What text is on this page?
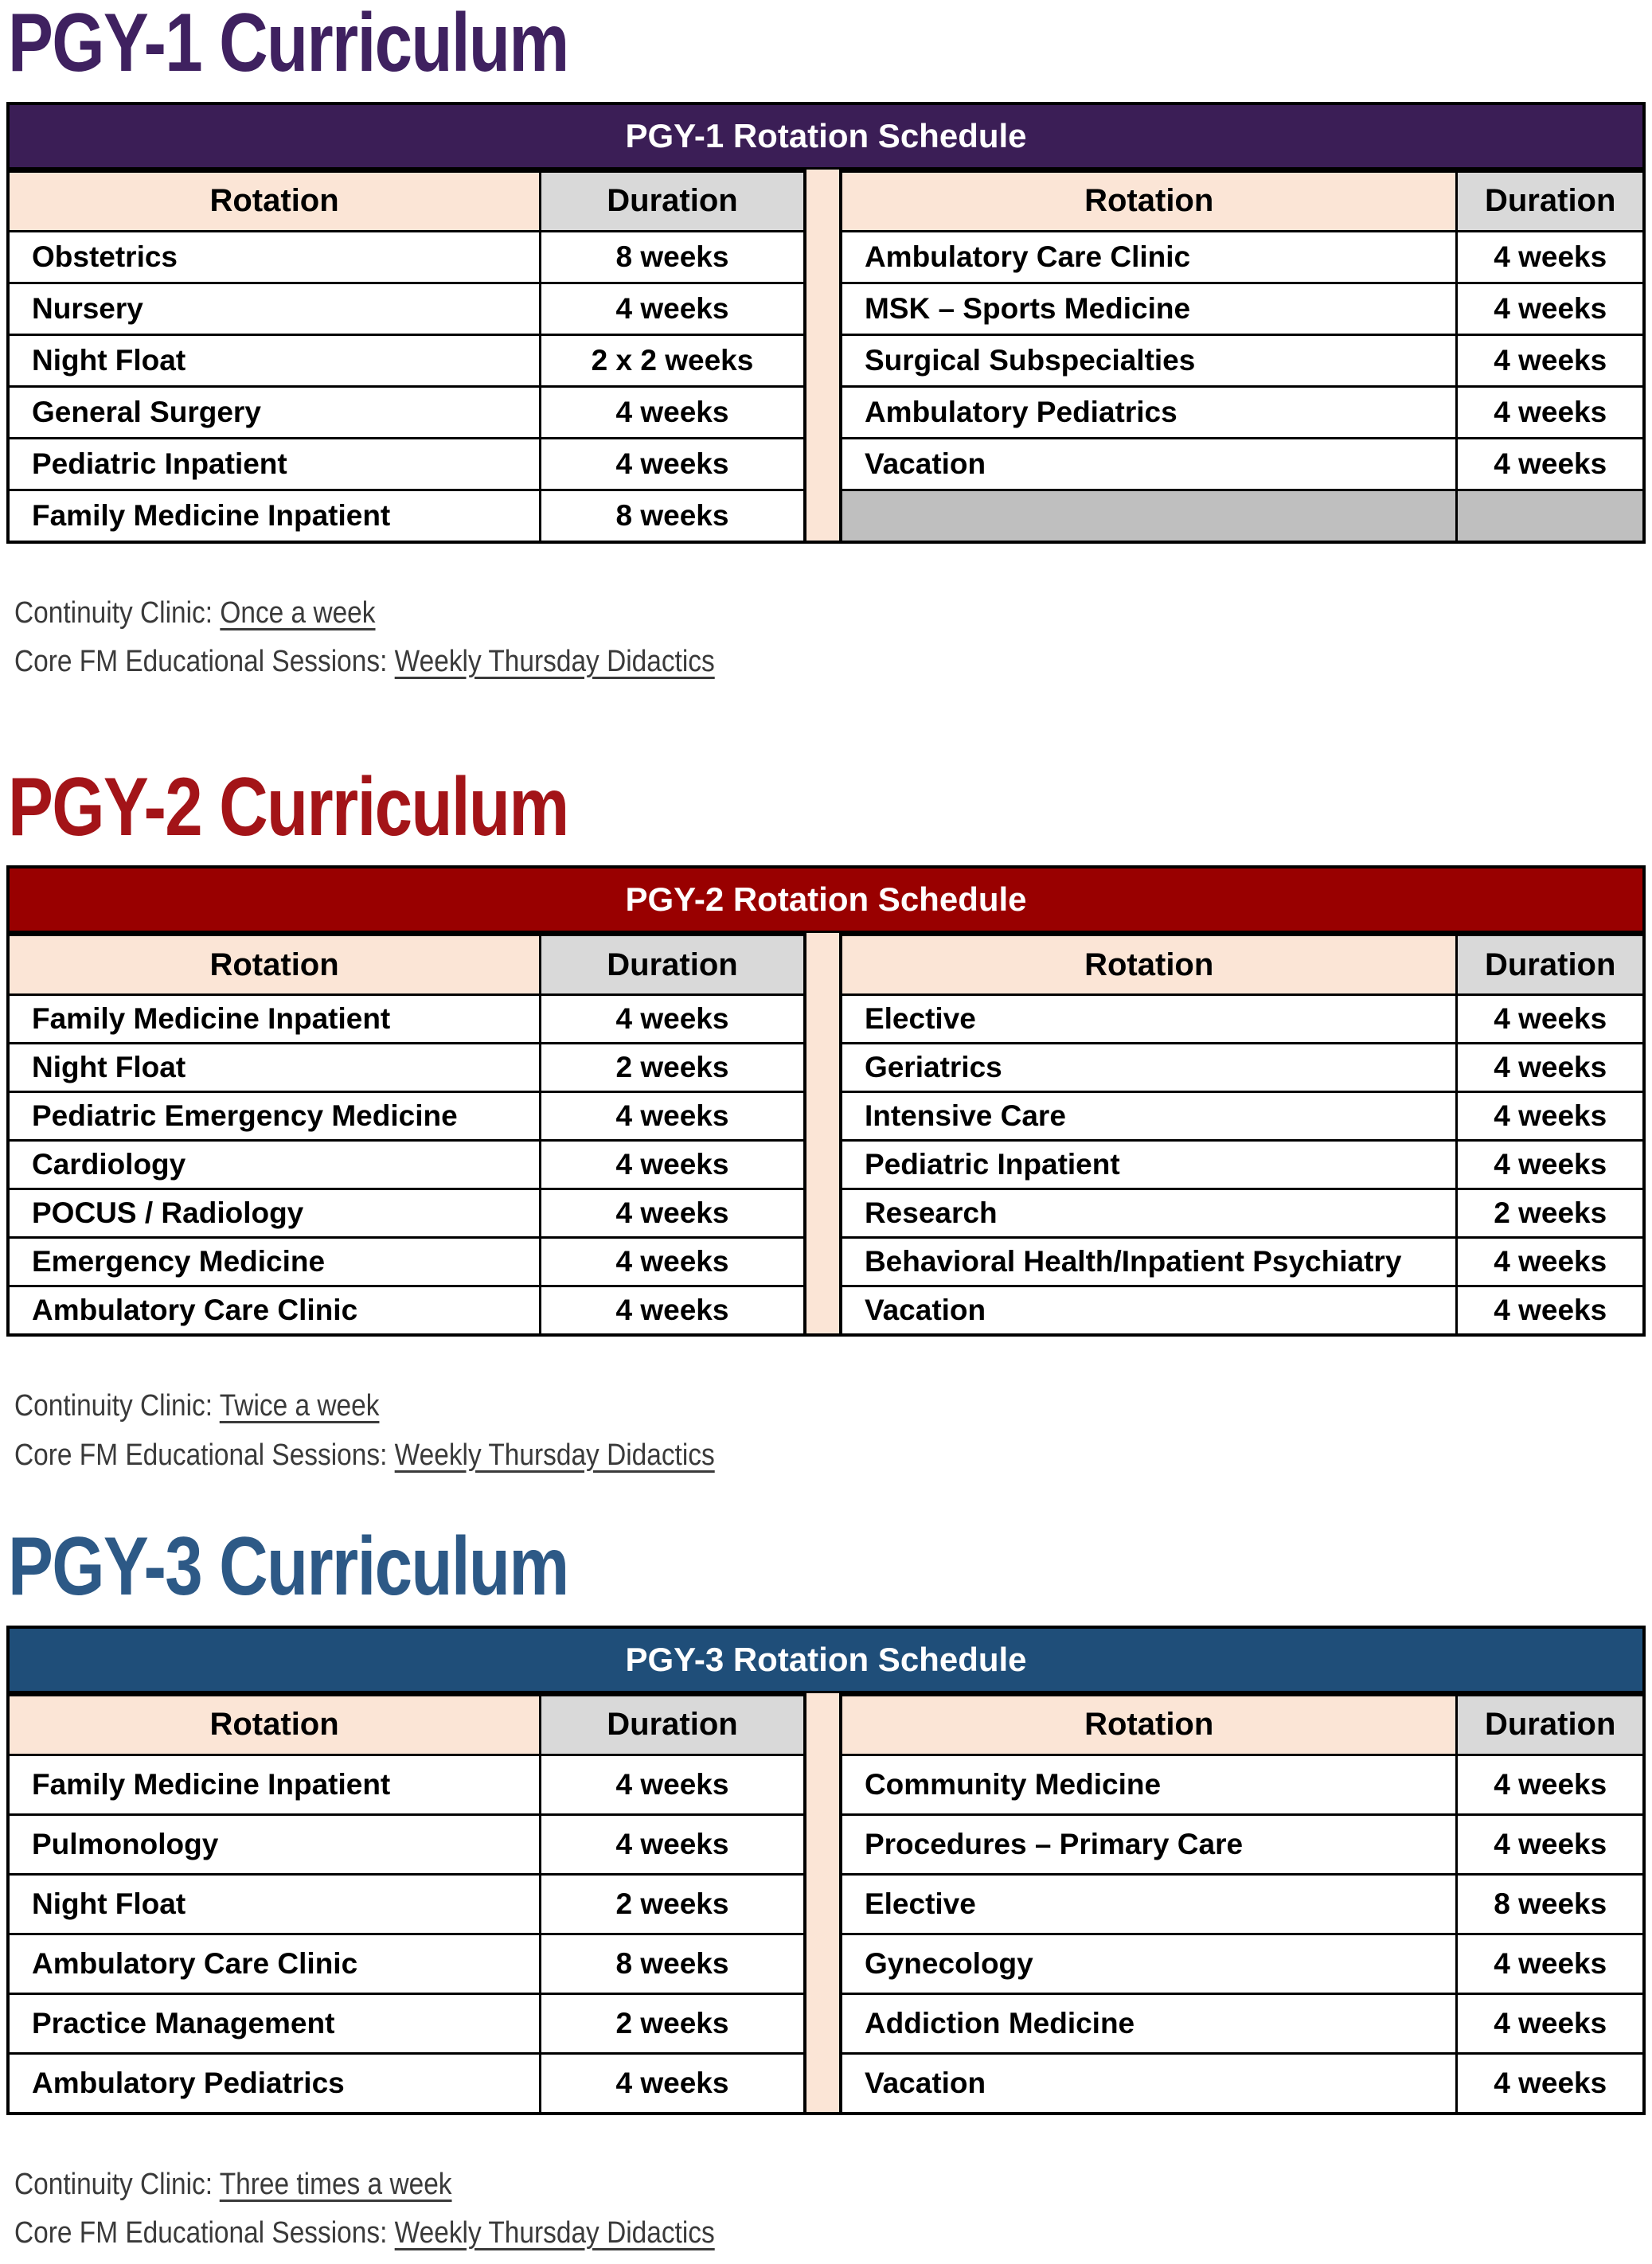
PGY-1 Curriculum
PGY-1 Rotation Schedule
Rotation	Duration
Obstetrics	8 weeks
Nursery	4 weeks
Night Float	2 x 2 weeks
General Surgery	4 weeks
Pediatric Inpatient	4 weeks
Family Medicine Inpatient	8 weeks
Rotation	Duration
Ambulatory Care Clinic	4 weeks
MSK – Sports Medicine	4 weeks
Surgical Subspecialties	4 weeks
Ambulatory Pediatrics	4 weeks
Vacation	4 weeks

Continuity Clinic: Once a week

Core FM Educational Sessions: Weekly Thursday Didactics

PGY-2 Curriculum
PGY-2 Rotation Schedule
Rotation	Duration
Family Medicine Inpatient	4 weeks
Night Float	2 weeks
Pediatric Emergency Medicine	4 weeks
Cardiology	4 weeks
POCUS / Radiology	4 weeks
Emergency Medicine	4 weeks
Ambulatory Care Clinic	4 weeks
Rotation	Duration
Elective	4 weeks
Geriatrics	4 weeks
Intensive Care	4 weeks
Pediatric Inpatient	4 weeks
Research	2 weeks
Behavioral Health/Inpatient Psychiatry	4 weeks
Vacation	4 weeks

Continuity Clinic: Twice a week

Core FM Educational Sessions: Weekly Thursday Didactics

PGY-3 Curriculum
PGY-3 Rotation Schedule
Rotation	Duration
Family Medicine Inpatient	4 weeks
Pulmonology	4 weeks
Night Float	2 weeks
Ambulatory Care Clinic	8 weeks
Practice Management	2 weeks
Ambulatory Pediatrics	4 weeks
Rotation	Duration
Community Medicine	4 weeks
Procedures – Primary Care	4 weeks
Elective	8 weeks
Gynecology	4 weeks
Addiction Medicine	4 weeks
Vacation	4 weeks

Continuity Clinic: Three times a week

Core FM Educational Sessions: Weekly Thursday Didactics
